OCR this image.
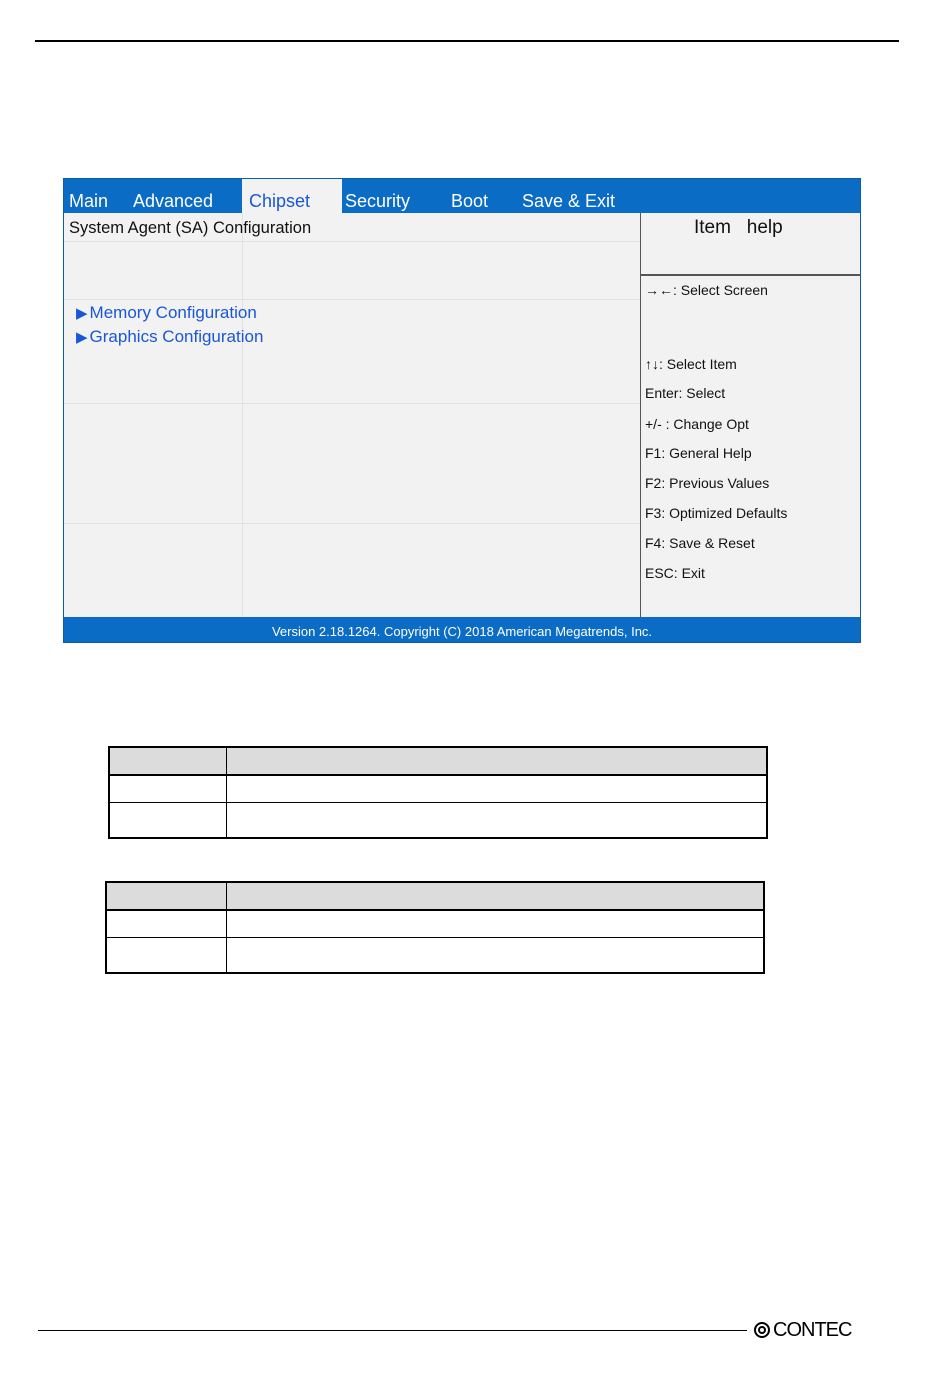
Main Advanced	Chipset	Security Boot Save & Exit
System Agent (SA) Configuration
▶ Memory Configuration
▶ Graphics Configuration
Item   help
→←: Select Screen
↑↓: Select Item
Enter: Select
+/- : Change Opt
F1: General Help
F2: Previous Values
F3: Optimized Defaults
F4: Save & Reset
ESC: Exit
Version 2.18.1264. Copyright (C) 2018 American Megatrends, Inc.

CONTEC
